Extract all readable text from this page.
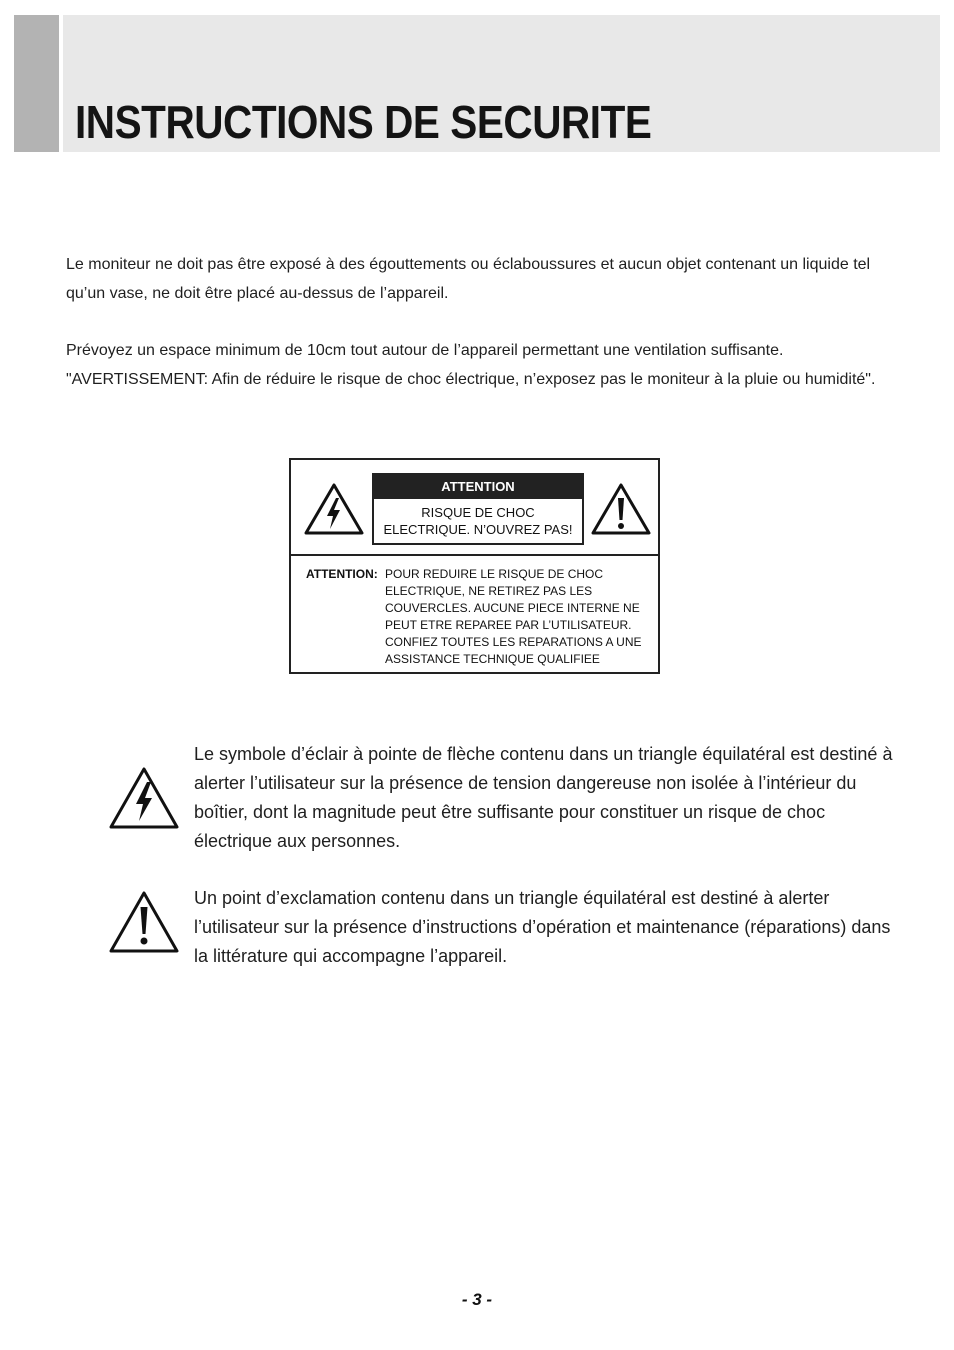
INSTRUCTIONS DE SECURITE

Le moniteur ne doit pas être exposé à des égouttements ou éclaboussures et aucun objet contenant un liquide tel qu’un vase, ne doit être placé au-dessus de l’appareil.

Prévoyez un espace minimum de 10cm tout autour de l’appareil permettant une ventilation suffisante.
"AVERTISSEMENT: Afin de réduire le risque de choc électrique, n’exposez pas le moniteur à la pluie ou humidité".
ATTENTION
RISQUE DE CHOC
ELECTRIQUE. N’OUVREZ PAS!
ATTENTION: POUR REDUIRE LE RISQUE DE CHOC
ELECTRIQUE, NE RETIREZ PAS LES
COUVERCLES. AUCUNE PIECE INTERNE NE
PEUT ETRE REPAREE PAR L’UTILISATEUR.
CONFIEZ TOUTES LES REPARATIONS A UNE
ASSISTANCE TECHNIQUE QUALIFIEE

Le symbole d’éclair à pointe de flèche contenu dans un triangle équilatéral est destiné à alerter l’utilisateur sur la présence de tension dangereuse non isolée à l’intérieur du boîtier, dont la magnitude peut être suffisante pour constituer un risque de choc électrique aux personnes.

Un point d’exclamation contenu dans un triangle équilatéral est destiné à alerter l’utilisateur sur la présence d’instructions d’opération et maintenance (réparations) dans la littérature qui accompagne l’appareil.

- 3 -
